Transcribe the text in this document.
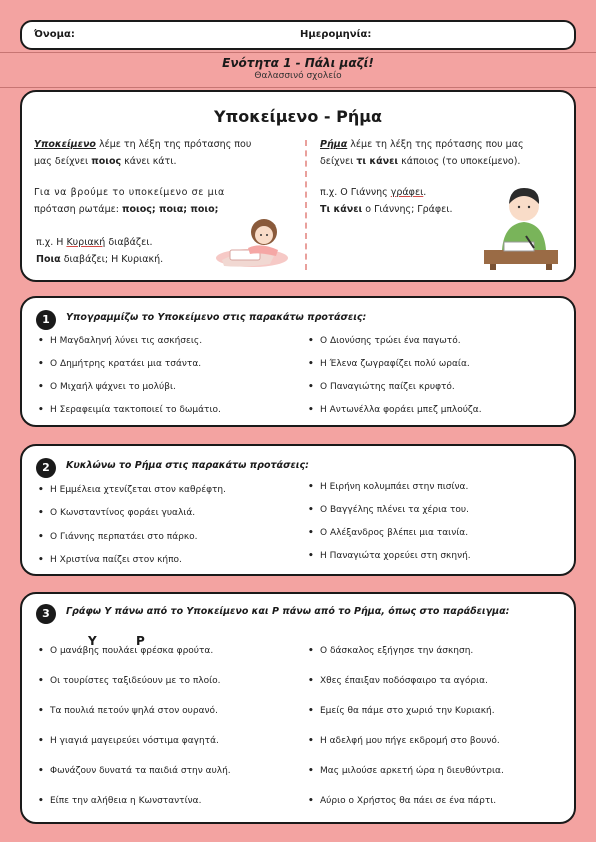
Όνομα:	Ημερομηνία:
Ενότητα 1 - Πάλι μαζί!
Θαλασσινό σχολείο
Υποκείμενο - Ρήμα
Υποκείμενο λέμε τη λέξη της πρότασης που
μας δείχνει ποιος κάνει κάτι.
Για να βρούμε το υποκείμενο σε μια
πρόταση ρωτάμε: ποιος; ποια; ποιο;
π.χ. Η Κυριακή διαβάζει.
Ποια διαβάζει; Η Κυριακή.
Ρήμα λέμε τη λέξη της πρότασης που μας
δείχνει τι κάνει κάποιος (το υποκείμενο).
π.χ. Ο Γιάννης γράφει.
Τι κάνει ο Γιάννης; Γράφει.
1	Υπογραμμίζω το Υποκείμενο στις παρακάτω προτάσεις:
• Η Μαγδαληνή λύνει τις ασκήσεις.
• Ο Δημήτρης κρατάει μια τσάντα.
• Ο Μιχαήλ ψάχνει το μολύβι.
• Η Σεραφειμία τακτοποιεί το δωμάτιο.
• Ο Διονύσης τρώει ένα παγωτό.
• Η Έλενα ζωγραφίζει πολύ ωραία.
• Ο Παναγιώτης παίζει κρυφτό.
• Η Αντωνέλλα φοράει μπεζ μπλούζα.
2	Κυκλώνω το Ρήμα στις παρακάτω προτάσεις:
• Η Εμμέλεια χτενίζεται στον καθρέφτη.
• Ο Κωνσταντίνος φοράει γυαλιά.
• Ο Γιάννης περπατάει στο πάρκο.
• Η Χριστίνα παίζει στον κήπο.
• Η Ειρήνη κολυμπάει στην πισίνα.
• Ο Βαγγέλης πλένει τα χέρια του.
• Ο Αλέξανδρος βλέπει μια ταινία.
• Η Παναγιώτα χορεύει στη σκηνή.
3	Γράφω Υ πάνω από το Υποκείμενο και Ρ πάνω από το Ρήμα, όπως στο παράδειγμα:
Υ	Ρ
• Ο μανάβης πουλάει φρέσκα φρούτα.
• Οι τουρίστες ταξιδεύουν με το πλοίο.
• Τα πουλιά πετούν ψηλά στον ουρανό.
• Η γιαγιά μαγειρεύει νόστιμα φαγητά.
• Φωνάζουν δυνατά τα παιδιά στην αυλή.
• Είπε την αλήθεια η Κωνσταντίνα.
• Ο δάσκαλος εξήγησε την άσκηση.
• Χθες έπαιξαν ποδόσφαιρο τα αγόρια.
• Εμείς θα πάμε στο χωριό την Κυριακή.
• Η αδελφή μου πήγε εκδρομή στο βουνό.
• Μας μιλούσε αρκετή ώρα η διευθύντρια.
• Αύριο ο Χρήστος θα πάει σε ένα πάρτι.
